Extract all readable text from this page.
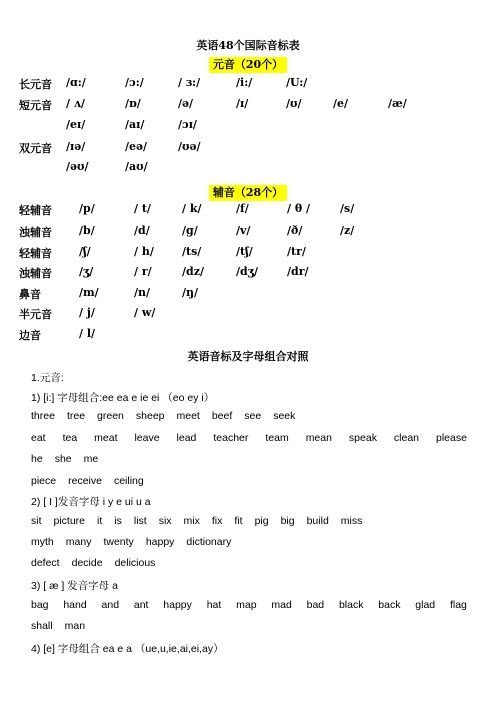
英语48个国际音标表
元音（20个）
长元音 /ɑ:/	/ɔ:/	/ ɜ:/	/i:/	/U:/
短元音 / ʌ/	/ɒ/	/ə/	/ɪ/	/ʊ/	/e/	/æ/
/eɪ/	/aɪ/	/ɔɪ/
双元音 /ɪə/	/eə/	/ʊə/
/əʊ/	/aʊ/
辅音（28个）
轻辅音 /p/	/ t/	/ k/	/f/	/ θ /	/s/
浊辅音 /b/	/d/	/g/	/v/	/ð/	/z/
轻辅音 /ʃ/	/ h/	/ts/	/tʃ/	/tr/
浊辅音 /ʒ/	/ r/	/dz/	/dʒ/	/dr/
鼻音	/m/	/n/	/ŋ/
半元音 / j/	/ w/
边音	/ l/
英语音标及字母组合对照
1.元音:
1) [i:] 字母组合:ee ea e ie ei （eo ey i）
three tree green sheep meet beef see seek
eat tea meat leave lead teacher team mean speak clean please
he she me
piece receive ceiling
2) [ I ]发音字母 i y e ui u a
sit picture it is list six mix fix fit pig big build miss
myth many twenty happy dictionary
defect decide delicious
3) [ æ ] 发音字母 a
bag hand and ant happy hat map mad bad black back glad flag
shall man
4) [e] 字母组合 ea e a （ue,u,ie,ai,ei,ay）
